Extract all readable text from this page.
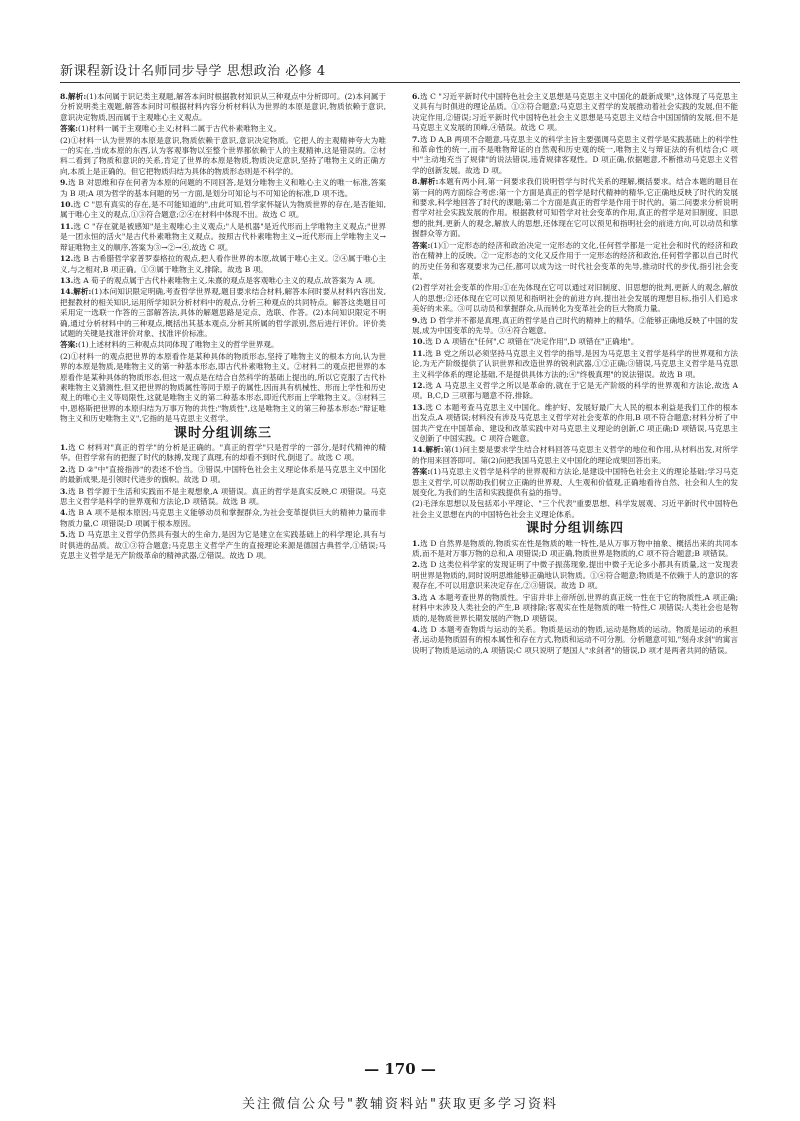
新课程新设计名师同步导学 思想政治 必修 4

8.解析:(1)本问属于识记类主观题,解答本问时根据教材知识从三种观点中分析即可。(2)本问属于分析说明类主观题,解答本问时可根据材料内容分析材料认为世界的本原是意识,物质依赖于意识,意识决定物质,因而属于主观唯心主义观点。

答案:(1)材料一属于主观唯心主义;材料二属于古代朴素唯物主义。

(2)①材料一认为世界的本原是意识,物质依赖于意识,意识决定物质。它把人的主观精神夸大为唯一的实在,当成本原的东西,认为客观事物以至整个世界都依赖于人的主观精神,这是错误的。②材料二看到了物质和意识的关系,肯定了世界的本原是物质,物质决定意识,坚持了唯物主义的正确方向,本质上是正确的。但它把物质归结为具体的物质形态则是不科学的。

9.选 B 对思维和存在何者为本原的问题的不同回答,是划分唯物主义和唯心主义的唯一标准,答案为 B 项;A 项为哲学的基本问题的另一方面,是划分可知论与不可知论的标准,D 项不选。

10.选 C "思有真实的存在,是不可能知道的",由此可知,哲学家怀疑认为物质世界的存在,是否能知,属于唯心主义的观点,①③符合题意;②④在材料中体现不出。故选 C 项。

11.选 C "存在就是被感知"是主观唯心主义观点;"人是机器"是近代形而上学唯物主义观点;"世界是一团永恒的活火"是古代朴素唯物主义观点。按照古代朴素唯物主义→近代形而上学唯物主义→辩证唯物主义的顺序,答案为③→②→④,故选 C 项。

12.选 B 古希腊哲学家普罗泰格拉的观点,把人看作世界的本原,故属于唯心主义。②④属于唯心主义,与之相对,B 项正确。①③属于唯物主义,排除。故选 B 项。

13.选 A 荀子的观点属于古代朴素唯物主义,朱熹的观点是客观唯心主义的观点,故答案为 A 项。

14.解析:(1)本问知识限定明确,考查哲学世界观,题目要求结合材料,解答本问时要从材料内容出发,把握教材的相关知识,运用所学知识分析材料中的观点,分析三种观点的共同特点。解答这类题目可采用定一选联一作答的三部解答法,具体的解题思路是定点、选联、作答。(2)本问知识限定不明确,通过分析材料中的三种观点,概括出其基本观点,分析其所属的哲学派别,然后进行评价。评价类试题的关键是找准评价对象、找准评价标准。

答案:(1)上述材料的三种观点共同体现了唯物主义的哲学世界观。

(2)①材料一的观点把世界的本原看作是某种具体的物质形态,坚持了唯物主义的根本方向,认为世界的本原是物质,是唯物主义的第一种基本形态,即古代朴素唯物主义。②材料二的观点把世界的本原看作是某种具体的物质形态,但这一观点是在结合自然科学的基础上提出的,所以它克服了古代朴素唯物主义猜测性,但又把世界的物质属性等同于原子的属性,因而具有机械性、形而上学性和历史观上的唯心主义等局限性,这就是唯物主义的第二种基本形态,即近代形而上学唯物主义。③材料三中,恩格斯把世界的本原归结为万事万物的共性:"物质性",这是唯物主义的第三种基本形态:"辩证唯物主义和历史唯物主义",它指的是马克思主义哲学。

课时分组训练三

1.选 C 材料对"真正的哲学"的分析是正确的。"真正的哲学"只是哲学的一部分,是时代精神的精华。但哲学常有的把握了时代的脉搏,发现了真理,有的却看不到时代,倒退了。故选 C 项。

2.选 D ②"中"直接指涉"的表述不恰当。③错误,中国特色社会主义理论体系是马克思主义中国化的最新成果,是引领时代进步的旗帜。故选 D 项。

3.选 B 哲学源于生活和实践而不是主观想象,A 项错误。真正的哲学是真实反映,C 项错误。马克思主义哲学是科学的世界观和方法论,D 项错误。故选 B 项。

4.选 B A 项不是根本原因;马克思主义能够动员和掌握群众,为社会变革提供巨大的精神力量而非物质力量,C 项错误;D 项属于根本原因。

5.选 D 马克思主义哲学仍然具有强大的生命力,是因为它是建立在实践基础上的科学理论,具有与时俱进的品质。故①③符合题意;马克思主义哲学产生的直接理论来源是德国古典哲学,①错误;马克思主义哲学是无产阶级革命的精神武器,②错误。故选 D 项。

6.选 C "习近平新时代中国特色社会主义思想是马克思主义中国化的最新成果",这体现了马克思主义具有与时俱进的理论品质。①③符合题意;马克思主义哲学的发展推动着社会实践的发展,但不能决定作用,②错误;习近平新时代中国特色社会主义思想是马克思主义结合中国国情的发展,但不是马克思主义发展的顶峰,④错误。故选 C 项。

7.选 D A,B 两项不合题意,马克思主义的科学主旨主要强调马克思主义哲学是实践基础上的科学性和革命性的统一,而不是唯物辩证的自然观和历史观的统一,唯物主义与辩证法的有机结合;C 项中"主动地充当了规律"的说法错误,违背规律客观性。D 项正确,依据题意,不断推动马克思主义哲学的创新发展。故选 D 项。

8.解析:本题有两小问,第一问要求我们说明哲学与时代关系的理解,概括要求。结合本题的题目在第一问的两方面综合考虑:第一个方面是真正的哲学是时代精神的精华,它正确地反映了时代的发展和要求,科学地回答了时代的课题;第二个方面是真正的哲学是作用于时代的。第二问要求分析说明哲学对社会实践发展的作用。根据教材可知哲学对社会变革的作用,真正的哲学是对旧制度、旧思想的批判,更新人的观念,解放人的思想,还体现在它可以预见和指明社会的前进方向,可以动员和掌握群众等方面。

答案:(1)①一定形态的经济和政治决定一定形态的文化,任何哲学都是一定社会和时代的经济和政治在精神上的反映。②一定形态的文化又反作用于一定形态的经济和政治,任何哲学都以自己时代的历史任务和客观要求为己任,都可以成为这一时代社会变革的先导,推动时代的步伐,指引社会变革。

(2)哲学对社会变革的作用:①在先体现在它可以通过对旧制度、旧思想的批判,更新人的观念,解放人的思想;②还体现在它可以预见和指明社会的前进方向,提出社会发展的理想目标,指引人们追求美好的未来。③可以动员和掌握群众,从而转化为变革社会的巨大物质力量。

9.选 D 哲学并不都是真理,真正的哲学是自己时代的精神上的精华。②能够正确地反映了中国的发展,成为中国变革的先导。③④符合题意。

10.选 D A 项错在"任何",C 项错在"决定作用",D 项错在"正确地"。

11.选 B 党之所以必须坚持马克思主义哲学的指导,是因为马克思主义哲学是科学的世界观和方法论,为无产阶级提供了认识世界和改造世界的锐利武器,①②正确;③错误,马克思主义哲学是马克思主义科学体系的理论基础,不是提供具体方法的;④"终极真理"的说法错误。故选 B 项。

12.选 A 马克思主义哲学之所以是革命的,就在于它是无产阶级的科学的世界观和方法论,故选 A 项。B,C,D 三项都与题意不符,排除。

13.选 C 本题考查马克思主义中国化。维护好、发展好最广大人民的根本利益是我们工作的根本出发点,A 项错误;材料没有涉及马克思主义哲学对社会变革的作用,B 项不符合题意;材料分析了中国共产党在中国革命、建设和改革实践中对马克思主义理论的创新,C 项正确;D 项错误,马克思主义创新了中国实践。C 项符合题意。

14.解析:第(1)问主要是要求学生结合材料回答马克思主义哲学的地位和作用,从材料出发,对所学的作用来回答即可。第(2)问把我国马克思主义中国化的理论成果回答出来。

答案:(1)马克思主义哲学是科学的世界观和方法论,是建设中国特色社会主义的理论基础;学习马克思主义哲学,可以帮助我们树立正确的世界观、人生观和价值观,正确地看待自然、社会和人生的发展变化,为我们的生活和实践提供有益的指导。

(2)毛泽东思想以及包括邓小平理论、"三个代表"重要思想、科学发展观、习近平新时代中国特色社会主义思想在内的中国特色社会主义理论体系。

课时分组训练四

1.选 D 自然界是物质的,物质实在性是物质的唯一特性,是从万事万物中抽象、概括出来的共同本质,而不是对万事万物的总和,A 项错误;D 项正确,物质世界是物质的,C 项不符合题意;B 项错误。

2.选 D 这类位科学家的发现证明了中微子振荡现象,提出中微子无论多小都具有质量,这一发现表明世界是物质的,同时说明思维能够正确地认识物质。①④符合题意;物质是不依赖于人的意识的客观存在,不可以用意识来决定存在,②③错误。故选 D 项。

3.选 A 本题考查世界的物质性。宇宙并非上帝所创,世界的真正统一性在于它的物质性,A 项正确;材料中未涉及人类社会的产生,B 项排除;客观实在性是物质的唯一特性,C 项错误;人类社会也是物质的,是物质世界长期发展的产物,D 项错误。

4.选 D 本题考查物质与运动的关系。物质是运动的物质,运动是物质的运动。物质是运动的承担者,运动是物质固有的根本属性和存在方式,物质和运动不可分割。分析题意可知,"刻舟求剑"的寓言说明了物质是运动的,A 项错误;C 项只说明了楚国人"求剑者"的错误,D 项才是两者共同的错误。

— 170 —
关注微信公众号"教辅资料站"获取更多学习资料
